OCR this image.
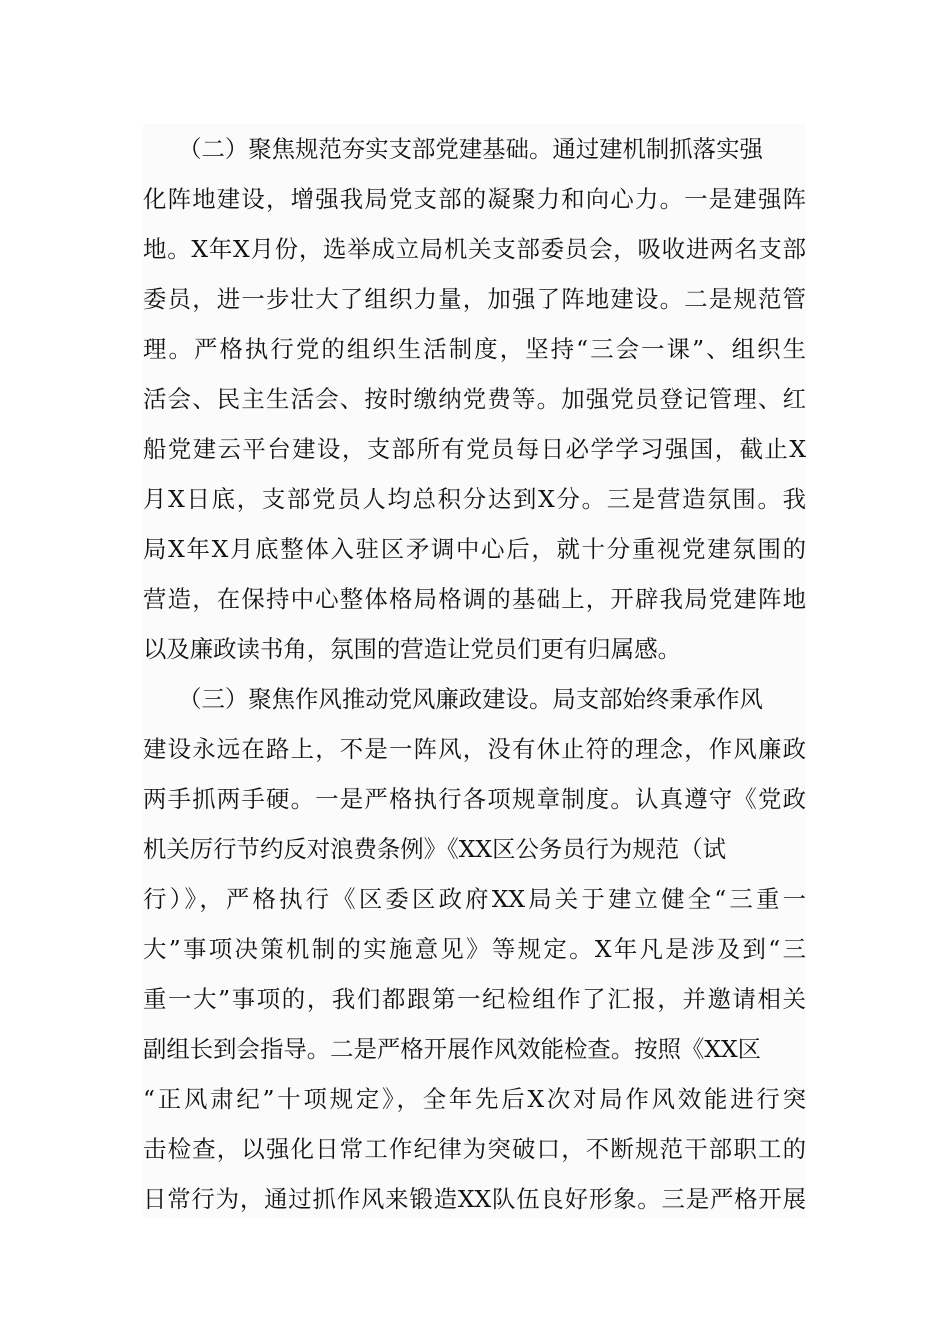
　　（二）聚焦规范夯实支部党建基础。通过建机制抓落实强
化阵地建设，增强我局党支部的凝聚力和向心力。一是建强阵
地。X年X月份，选举成立局机关支部委员会，吸收进两名支部
委员，进一步壮大了组织力量，加强了阵地建设。二是规范管
理。严格执行党的组织生活制度，坚持“三会一课”、组织生
活会、民主生活会、按时缴纳党费等。加强党员登记管理、红
船党建云平台建设，支部所有党员每日必学学习强国，截止X
月X日底，支部党员人均总积分达到X分。三是营造氛围。我
局X年X月底整体入驻区矛调中心后，就十分重视党建氛围的
营造，在保持中心整体格局格调的基础上，开辟我局党建阵地
以及廉政读书角，氛围的营造让党员们更有归属感。
　　（三）聚焦作风推动党风廉政建设。局支部始终秉承作风
建设永远在路上，不是一阵风，没有休止符的理念，作风廉政
两手抓两手硬。一是严格执行各项规章制度。认真遵守《党政
机关厉行节约反对浪费条例》《XX区公务员行为规范（试
行）》，严格执行《区委区政府XX局关于建立健全“三重一
大”事项决策机制的实施意见》等规定。X年凡是涉及到“三
重一大”事项的，我们都跟第一纪检组作了汇报，并邀请相关
副组长到会指导。二是严格开展作风效能检查。按照《XX区
“正风肃纪”十项规定》，全年先后X次对局作风效能进行突
击检查，以强化日常工作纪律为突破口，不断规范干部职工的
日常行为，通过抓作风来锻造XX队伍良好形象。三是严格开展
